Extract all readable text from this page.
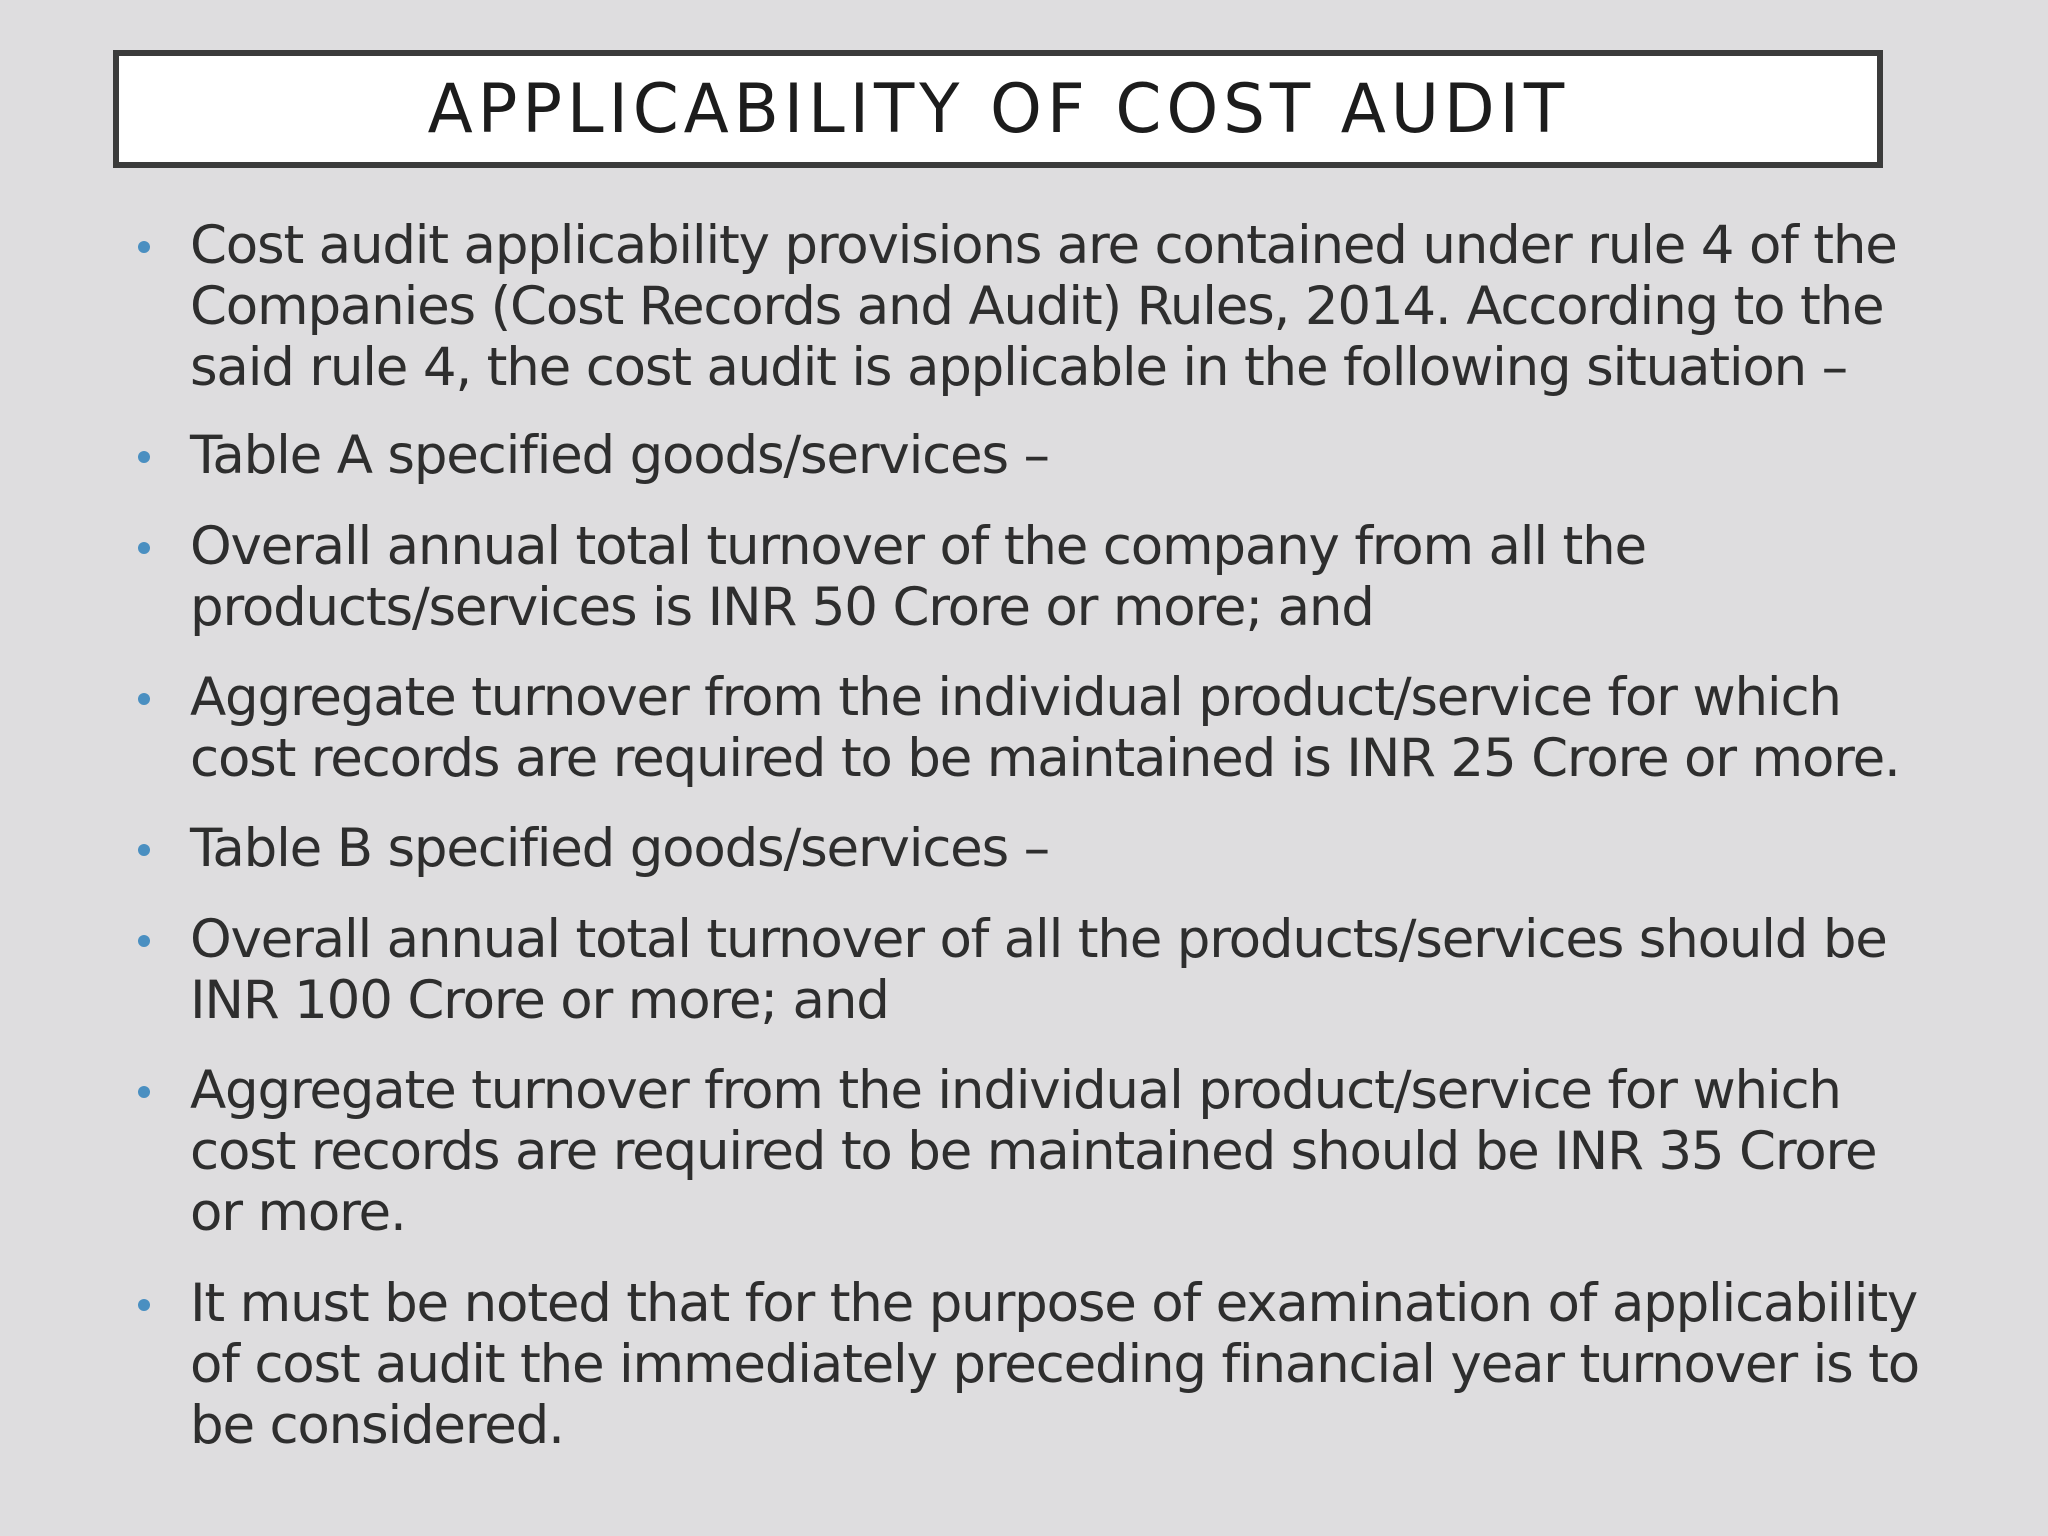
APPLICABILITY OF COST AUDIT
Cost audit applicability provisions are contained under rule 4 of the
Companies (Cost Records and Audit) Rules, 2014. According to the
said rule 4, the cost audit is applicable in the following situation –
Table A specified goods/services –
Overall annual total turnover of the company from all the
products/services is INR 50 Crore or more; and
Aggregate turnover from the individual product/service for which
cost records are required to be maintained is INR 25 Crore or more.
Table B specified goods/services –
Overall annual total turnover of all the products/services should be
INR 100 Crore or more; and
Aggregate turnover from the individual product/service for which
cost records are required to be maintained should be INR 35 Crore
or more.
It must be noted that for the purpose of examination of applicability
of cost audit the immediately preceding financial year turnover is to
be considered.
